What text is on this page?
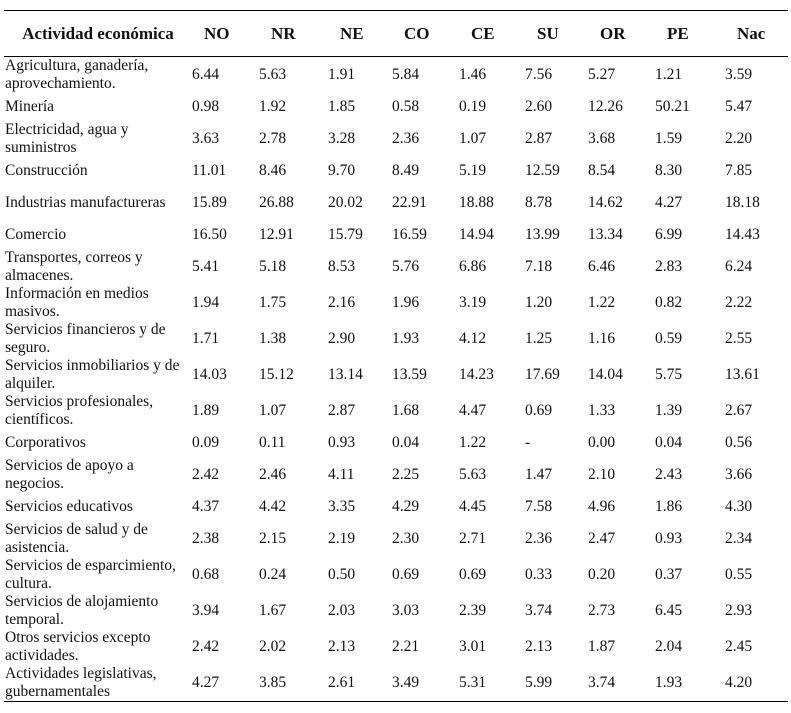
Actividad económica	NO	NR	NE	CO	CE	SU	OR	PE	Nac
Agricultura, ganadería, aprovechamiento.	6.44	5.63	1.91	5.84	1.46	7.56	5.27	1.21	3.59
Minería	0.98	1.92	1.85	0.58	0.19	2.60	12.26	50.21	5.47
Electricidad, agua y suministros	3.63	2.78	3.28	2.36	1.07	2.87	3.68	1.59	2.20
Construcción	11.01	8.46	9.70	8.49	5.19	12.59	8.54	8.30	7.85
Industrias manufactureras	15.89	26.88	20.02	22.91	18.88	8.78	14.62	4.27	18.18
Comercio	16.50	12.91	15.79	16.59	14.94	13.99	13.34	6.99	14.43
Transportes, correos y almacenes.	5.41	5.18	8.53	5.76	6.86	7.18	6.46	2.83	6.24
Información en medios masivos.	1.94	1.75	2.16	1.96	3.19	1.20	1.22	0.82	2.22
Servicios financieros y de seguro.	1.71	1.38	2.90	1.93	4.12	1.25	1.16	0.59	2.55
Servicios inmobiliarios y de alquiler.	14.03	15.12	13.14	13.59	14.23	17.69	14.04	5.75	13.61
Servicios profesionales, científicos.	1.89	1.07	2.87	1.68	4.47	0.69	1.33	1.39	2.67
Corporativos	0.09	0.11	0.93	0.04	1.22	-	0.00	0.04	0.56
Servicios de apoyo a negocios.	2.42	2.46	4.11	2.25	5.63	1.47	2.10	2.43	3.66
Servicios educativos	4.37	4.42	3.35	4.29	4.45	7.58	4.96	1.86	4.30
Servicios de salud y de asistencia.	2.38	2.15	2.19	2.30	2.71	2.36	2.47	0.93	2.34
Servicios de esparcimiento, cultura.	0.68	0.24	0.50	0.69	0.69	0.33	0.20	0.37	0.55
Servicios de alojamiento temporal.	3.94	1.67	2.03	3.03	2.39	3.74	2.73	6.45	2.93
Otros servicios excepto actividades.	2.42	2.02	2.13	2.21	3.01	2.13	1.87	2.04	2.45
Actividades legislativas, gubernamentales	4.27	3.85	2.61	3.49	5.31	5.99	3.74	1.93	4.20
